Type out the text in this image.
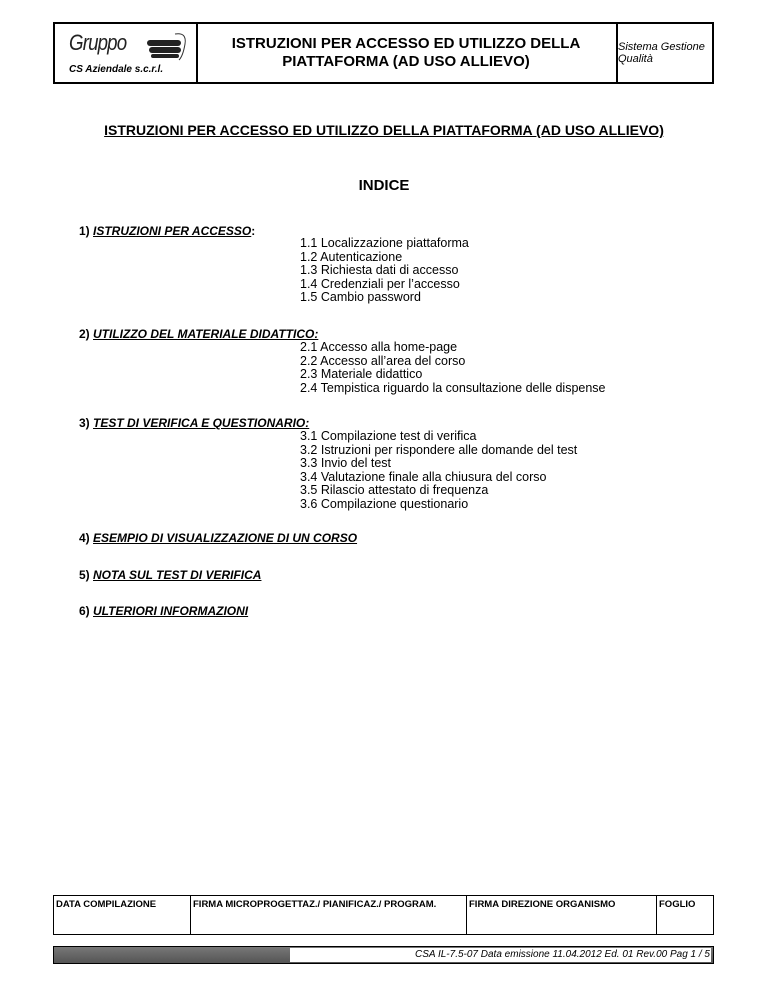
Gruppo
CS Aziendale s.c.r.l.
ISTRUZIONI PER ACCESSO ED UTILIZZO DELLA
PIATTAFORMA (AD USO ALLIEVO)
Sistema Gestione Qualità
ISTRUZIONI PER ACCESSO ED UTILIZZO DELLA PIATTAFORMA (AD USO ALLIEVO)
INDICE
1) ISTRUZIONI PER ACCESSO:
1.1 Localizzazione piattaforma
1.2 Autenticazione
1.3 Richiesta dati di accesso
1.4 Credenziali per l’accesso
1.5 Cambio password
2) UTILIZZO DEL MATERIALE DIDATTICO:
2.1 Accesso alla home-page
2.2 Accesso all’area del corso
2.3 Materiale didattico
2.4 Tempistica riguardo la consultazione delle dispense
3) TEST DI VERIFICA E QUESTIONARIO:
3.1 Compilazione test di verifica
3.2 Istruzioni per rispondere alle domande del test
3.3 Invio del test
3.4 Valutazione finale alla chiusura del corso
3.5 Rilascio attestato di frequenza
3.6 Compilazione questionario
4) ESEMPIO DI VISUALIZZAZIONE DI UN CORSO
5) NOTA SUL TEST DI VERIFICA
6) ULTERIORI INFORMAZIONI
DATA COMPILAZIONE	FIRMA MICROPROGETTAZ./ PIANIFICAZ./ PROGRAM.	FIRMA DIREZIONE ORGANISMO	FOGLIO
CSA IL-7.5-07 Data emissione 11.04.2012 Ed. 01 Rev.00 Pag 1 / 5
